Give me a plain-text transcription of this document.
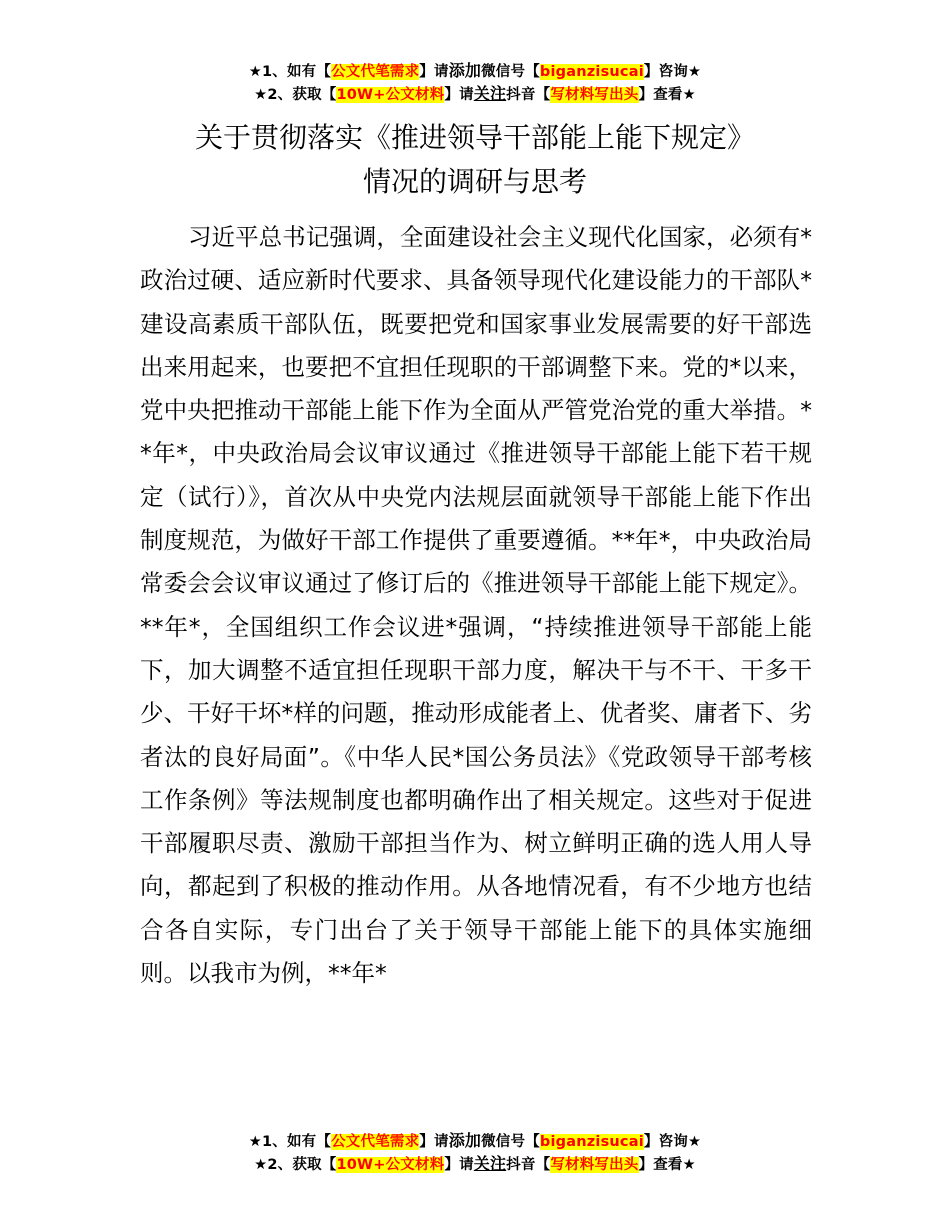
★1、如有【公文代笔需求】请添加微信号【biganzisucai】咨询★
★2、获取【10W+公文材料】请关注抖音【写材料写出头】查看★
关于贯彻落实《推进领导干部能上能下规定》
情况的调研与思考

习近平总书记强调，全面建设社会主义现代化国家，必须有*政治过硬、适应新时代要求、具备领导现代化建设能力的干部队*建设高素质干部队伍，既要把党和国家事业发展需要的好干部选出来用起来，也要把不宜担任现职的干部调整下来。党的*以来，党中央把推动干部能上能下作为全面从严管党治党的重大举措。**年*，中央政治局会议审议通过《推进领导干部能上能下若干规定（试行）》，首次从中央党内法规层面就领导干部能上能下作出制度规范，为做好干部工作提供了重要遵循。**年*，中央政治局常委会会议审议通过了修订后的《推进领导干部能上能下规定》。**年*，全国组织工作会议进*强调，“持续推进领导干部能上能下，加大调整不适宜担任现职干部力度，解决干与不干、干多干少、干好干坏*样的问题，推动形成能者上、优者奖、庸者下、劣者汰的良好局面”。《中华人民*国公务员法》《党政领导干部考核工作条例》等法规制度也都明确作出了相关规定。这些对于促进干部履职尽责、激励干部担当作为、树立鲜明正确的选人用人导向，都起到了积极的推动作用。从各地情况看，有不少地方也结合各自实际，专门出台了关于领导干部能上能下的具体实施细则。以我市为例，**年*

★1、如有【公文代笔需求】请添加微信号【biganzisucai】咨询★
★2、获取【10W+公文材料】请关注抖音【写材料写出头】查看★
